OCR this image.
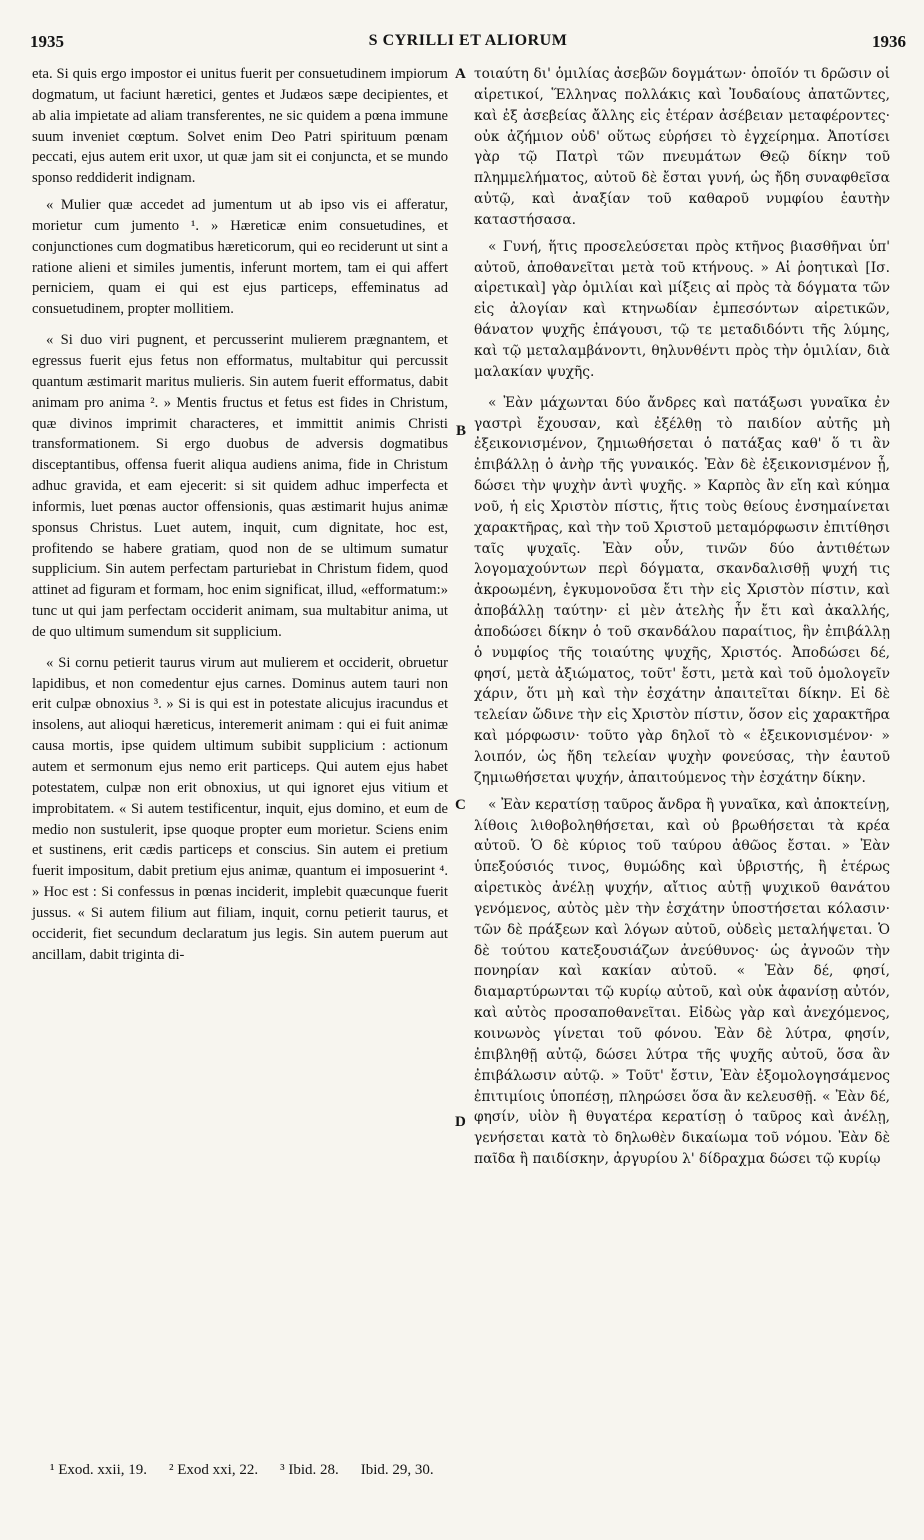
1935	S CYRILLI ET ALIORUM	1936

eta. Si quis ergo impostor ei unitus fuerit per consuetudinem impiorum dogmatum, ut faciunt hæretici, gentes et Judæos sæpe decipientes, et ab alia impietate ad aliam transferentes, ne sic quidem a pœna immune suum inveniet cœptum. Solvet enim Deo Patri spirituum pœnam peccati, ejus autem erit uxor, ut quæ jam sit ei conjuncta, et se mundo sponso reddiderit indignam.

« Mulier quæ accedet ad jumentum ut ab ipso vis ei afferatur, morietur cum jumento ¹. » Hæreticæ enim consuetudines, et conjunctiones cum dogmatibus hæreticorum, qui eo reciderunt ut sint a ratione alieni et similes jumentis, inferunt mortem, tam ei qui affert perniciem, quam ei qui est ejus particeps, effeminatus ad consuetudinem, propter mollitiem.

« Si duo viri pugnent, et percusserint mulierem prægnantem, et egressus fuerit ejus fetus non efformatus, multabitur qui percussit quantum æstimarit maritus mulieris. Sin autem fuerit efformatus, dabit animam pro anima ². » Mentis fructus et fetus est fides in Christum, quæ divinos imprimit characteres, et immittit animis Christi transformationem. Si ergo duobus de adversis dogmatibus disceptantibus, offensa fuerit aliqua audiens anima, fide in Christum adhuc gravida, et eam ejecerit: si sit quidem adhuc imperfecta et informis, luet pœnas auctor offensionis, quas æstimarit hujus animæ sponsus Christus. Luet autem, inquit, cum dignitate, hoc est, profitendo se habere gratiam, quod non de se ultimum sumatur supplicium. Sin autem perfectam parturiebat in Christum fidem, quod attinet ad figuram et formam, hoc enim significat, illud, «efformatum:» tunc ut qui jam perfectam occiderit animam, sua multabitur anima, ut de quo ultimum sumendum sit supplicium.

« Si cornu petierit taurus virum aut mulierem et occiderit, obruetur lapidibus, et non comedentur ejus carnes. Dominus autem tauri non erit culpæ obnoxius ³. » Si is qui est in potestate alicujus iracundus et insolens, aut alioqui hæreticus, interemerit animam : qui ei fuit animæ causa mortis, ipse quidem ultimum subibit supplicium : actionum autem et sermonum ejus nemo erit particeps. Qui autem ejus habet potestatem, culpæ non erit obnoxius, ut qui ignoret ejus vitium et improbitatem. « Si autem testificentur, inquit, ejus domino, et eum de medio non sustulerit, ipse quoque propter eum morietur. Sciens enim et sustinens, erit cædis particeps et conscius. Sin autem ei pretium fuerit impositum, dabit pretium ejus animæ, quantum ei imposuerint ⁴. » Hoc est : Si confessus in pœnas inciderit, implebit quæcunque fuerit jussus. « Si autem filium aut filiam, inquit, cornu petierit taurus, et occiderit, fiet secundum declaratum jus legis. Sin autem puerum aut ancillam, dabit triginta di-

A
B
C
D

τοιαύτη δι' ὁμιλίας ἀσεβῶν δογμάτων· ὁποῖόν τι δρῶσιν οἱ αἱρετικοί, Ἕλληνας πολλάκις καὶ Ἰουδαίους ἀπατῶντες, καὶ ἐξ ἀσεβείας ἄλλης εἰς ἑτέραν ἀσέβειαν μεταφέροντες· οὐκ ἀζήμιον οὐδ' οὕτως εὑρήσει τὸ ἐγχείρημα. Ἀποτίσει γὰρ τῷ Πατρὶ τῶν πνευμάτων Θεῷ δίκην τοῦ πλημμελήματος, αὐτοῦ δὲ ἔσται γυνή, ὡς ἤδη συναφθεῖσα αὐτῷ, καὶ ἀναξίαν τοῦ καθαροῦ νυμφίου ἑαυτὴν καταστήσασα.

« Γυνή, ἥτις προσελεύσεται πρὸς κτῆνος βιασθῆναι ὑπ' αὐτοῦ, ἀποθανεῖται μετὰ τοῦ κτήνους. » Αἱ ῥοητικαὶ [Ισ. αἱρετικαὶ] γὰρ ὁμιλίαι καὶ μίξεις αἱ πρὸς τὰ δόγματα τῶν εἰς ἀλογίαν καὶ κτηνωδίαν ἐμπεσόντων αἱρετικῶν, θάνατον ψυχῆς ἐπάγουσι, τῷ τε μεταδιδόντι τῆς λύμης, καὶ τῷ μεταλαμβάνοντι, θηλυνθέντι πρὸς τὴν ὁμιλίαν, διὰ μαλακίαν ψυχῆς.

« Ἐὰν μάχωνται δύο ἄνδρες καὶ πατάξωσι γυναῖκα ἐν γαστρὶ ἔχουσαν, καὶ ἐξέλθῃ τὸ παιδίον αὐτῆς μὴ ἐξεικονισμένον, ζημιωθήσεται ὁ πατάξας καθ' ὅ τι ἂν ἐπιβάλλῃ ὁ ἀνὴρ τῆς γυναικός. Ἐὰν δὲ ἐξεικονισμένον ᾖ, δώσει τὴν ψυχὴν ἀντὶ ψυχῆς. » Καρπὸς ἂν εἴη καὶ κύημα νοῦ, ἡ εἰς Χριστὸν πίστις, ἥτις τοὺς θείους ἐνσημαίνεται χαρακτῆρας, καὶ τὴν τοῦ Χριστοῦ μεταμόρφωσιν ἐπιτίθησι ταῖς ψυχαῖς. Ἐὰν οὖν, τινῶν δύο ἀντιθέτων λογομαχούντων περὶ δόγματα, σκανδαλισθῇ ψυχή τις ἀκροωμένη, ἐγκυμονοῦσα ἔτι τὴν εἰς Χριστὸν πίστιν, καὶ ἀποβάλλῃ ταύτην· εἰ μὲν ἀτελὴς ἦν ἔτι καὶ ἀκαλλής, ἀποδώσει δίκην ὁ τοῦ σκανδάλου παραίτιος, ἣν ἐπιβάλλῃ ὁ νυμφίος τῆς τοιαύτης ψυχῆς, Χριστός. Ἀποδώσει δέ, φησί, μετὰ ἀξιώματος, τοῦτ' ἔστι, μετὰ καὶ τοῦ ὁμολογεῖν χάριν, ὅτι μὴ καὶ τὴν ἐσχάτην ἀπαιτεῖται δίκην. Εἰ δὲ τελείαν ὤδινε τὴν εἰς Χριστὸν πίστιν, ὅσον εἰς χαρακτῆρα καὶ μόρφωσιν· τοῦτο γὰρ δηλοῖ τὸ « ἐξεικονισμένον· » λοιπόν, ὡς ἤδη τελείαν ψυχὴν φονεύσας, τὴν ἑαυτοῦ ζημιωθήσεται ψυχήν, ἀπαιτούμενος τὴν ἐσχάτην δίκην.

« Ἐὰν κερατίσῃ ταῦρος ἄνδρα ἢ γυναῖκα, καὶ ἀποκτείνῃ, λίθοις λιθοβοληθήσεται, καὶ οὐ βρωθήσεται τὰ κρέα αὐτοῦ. Ὁ δὲ κύριος τοῦ ταύρου ἀθῶος ἔσται. » Ἐὰν ὑπεξούσιός τινος, θυμώδης καὶ ὑβριστής, ἢ ἑτέρως αἱρετικὸς ἀνέλῃ ψυχήν, αἴτιος αὐτῇ ψυχικοῦ θανάτου γενόμενος, αὐτὸς μὲν τὴν ἐσχάτην ὑποστήσεται κόλασιν· τῶν δὲ πράξεων καὶ λόγων αὐτοῦ, οὐδεὶς μεταλήψεται. Ὁ δὲ τούτου κατεξουσιάζων ἀνεύθυνος· ὡς ἀγνοῶν τὴν πονηρίαν καὶ κακίαν αὐτοῦ. « Ἐὰν δέ, φησί, διαμαρτύρωνται τῷ κυρίῳ αὐτοῦ, καὶ οὐκ ἀφανίσῃ αὐτόν, καὶ αὐτὸς προσαποθανεῖται. Εἰδὼς γὰρ καὶ ἀνεχόμενος, κοινωνὸς γίνεται τοῦ φόνου. Ἐὰν δὲ λύτρα, φησίν, ἐπιβληθῇ αὐτῷ, δώσει λύτρα τῆς ψυχῆς αὐτοῦ, ὅσα ἂν ἐπιβάλωσιν αὐτῷ. » Τοῦτ' ἔστιν, Ἐὰν ἐξομολογησάμενος ἐπιτιμίοις ὑποπέσῃ, πληρώσει ὅσα ἂν κελευσθῇ. « Ἐὰν δέ, φησίν, υἱὸν ἢ θυγατέρα κερατίσῃ ὁ ταῦρος καὶ ἀνέλῃ, γενήσεται κατὰ τὸ δηλωθὲν δικαίωμα τοῦ νόμου. Ἐὰν δὲ παῖδα ἢ παιδίσκην, ἀργυρίου λ' δίδραχμα δώσει τῷ κυρίῳ

¹ Exod. xxii, 19. ² Exod xxi, 22. ³ Ibid. 28. Ibid. 29, 30.
